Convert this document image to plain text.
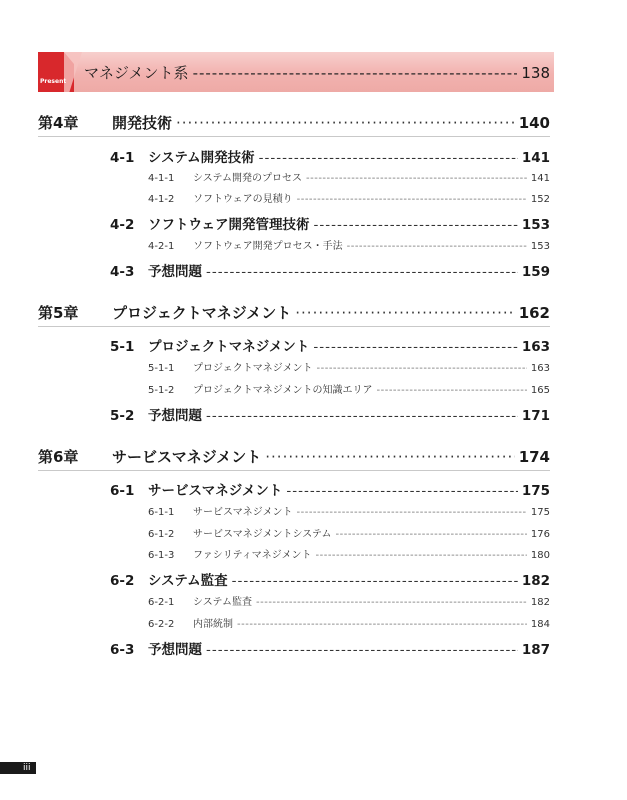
Present マネジメント系 -----	138
第4章	開発技術 ·····	140
4-1	システム開発技術 -----	141
4-1-1	システム開発のプロセス -----	141
4-1-2	ソフトウェアの見積り -----	152
4-2	ソフトウェア開発管理技術 -----	153
4-2-1	ソフトウェア開発プロセス・手法 -----	153
4-3	予想問題 -----	159
第5章	プロジェクトマネジメント ·····	162
5-1	プロジェクトマネジメント -----	163
5-1-1	プロジェクトマネジメント -----	163
5-1-2	プロジェクトマネジメントの知識エリア -----	165
5-2	予想問題 -----	171
第6章	サービスマネジメント ·····	174
6-1	サービスマネジメント -----	175
6-1-1	サービスマネジメント -----	175
6-1-2	サービスマネジメントシステム -----	176
6-1-3	ファシリティマネジメント -----	180
6-2	システム監査 -----	182
6-2-1	システム監査 -----	182
6-2-2	内部統制 -----	184
6-3	予想問題 -----	187
iii
